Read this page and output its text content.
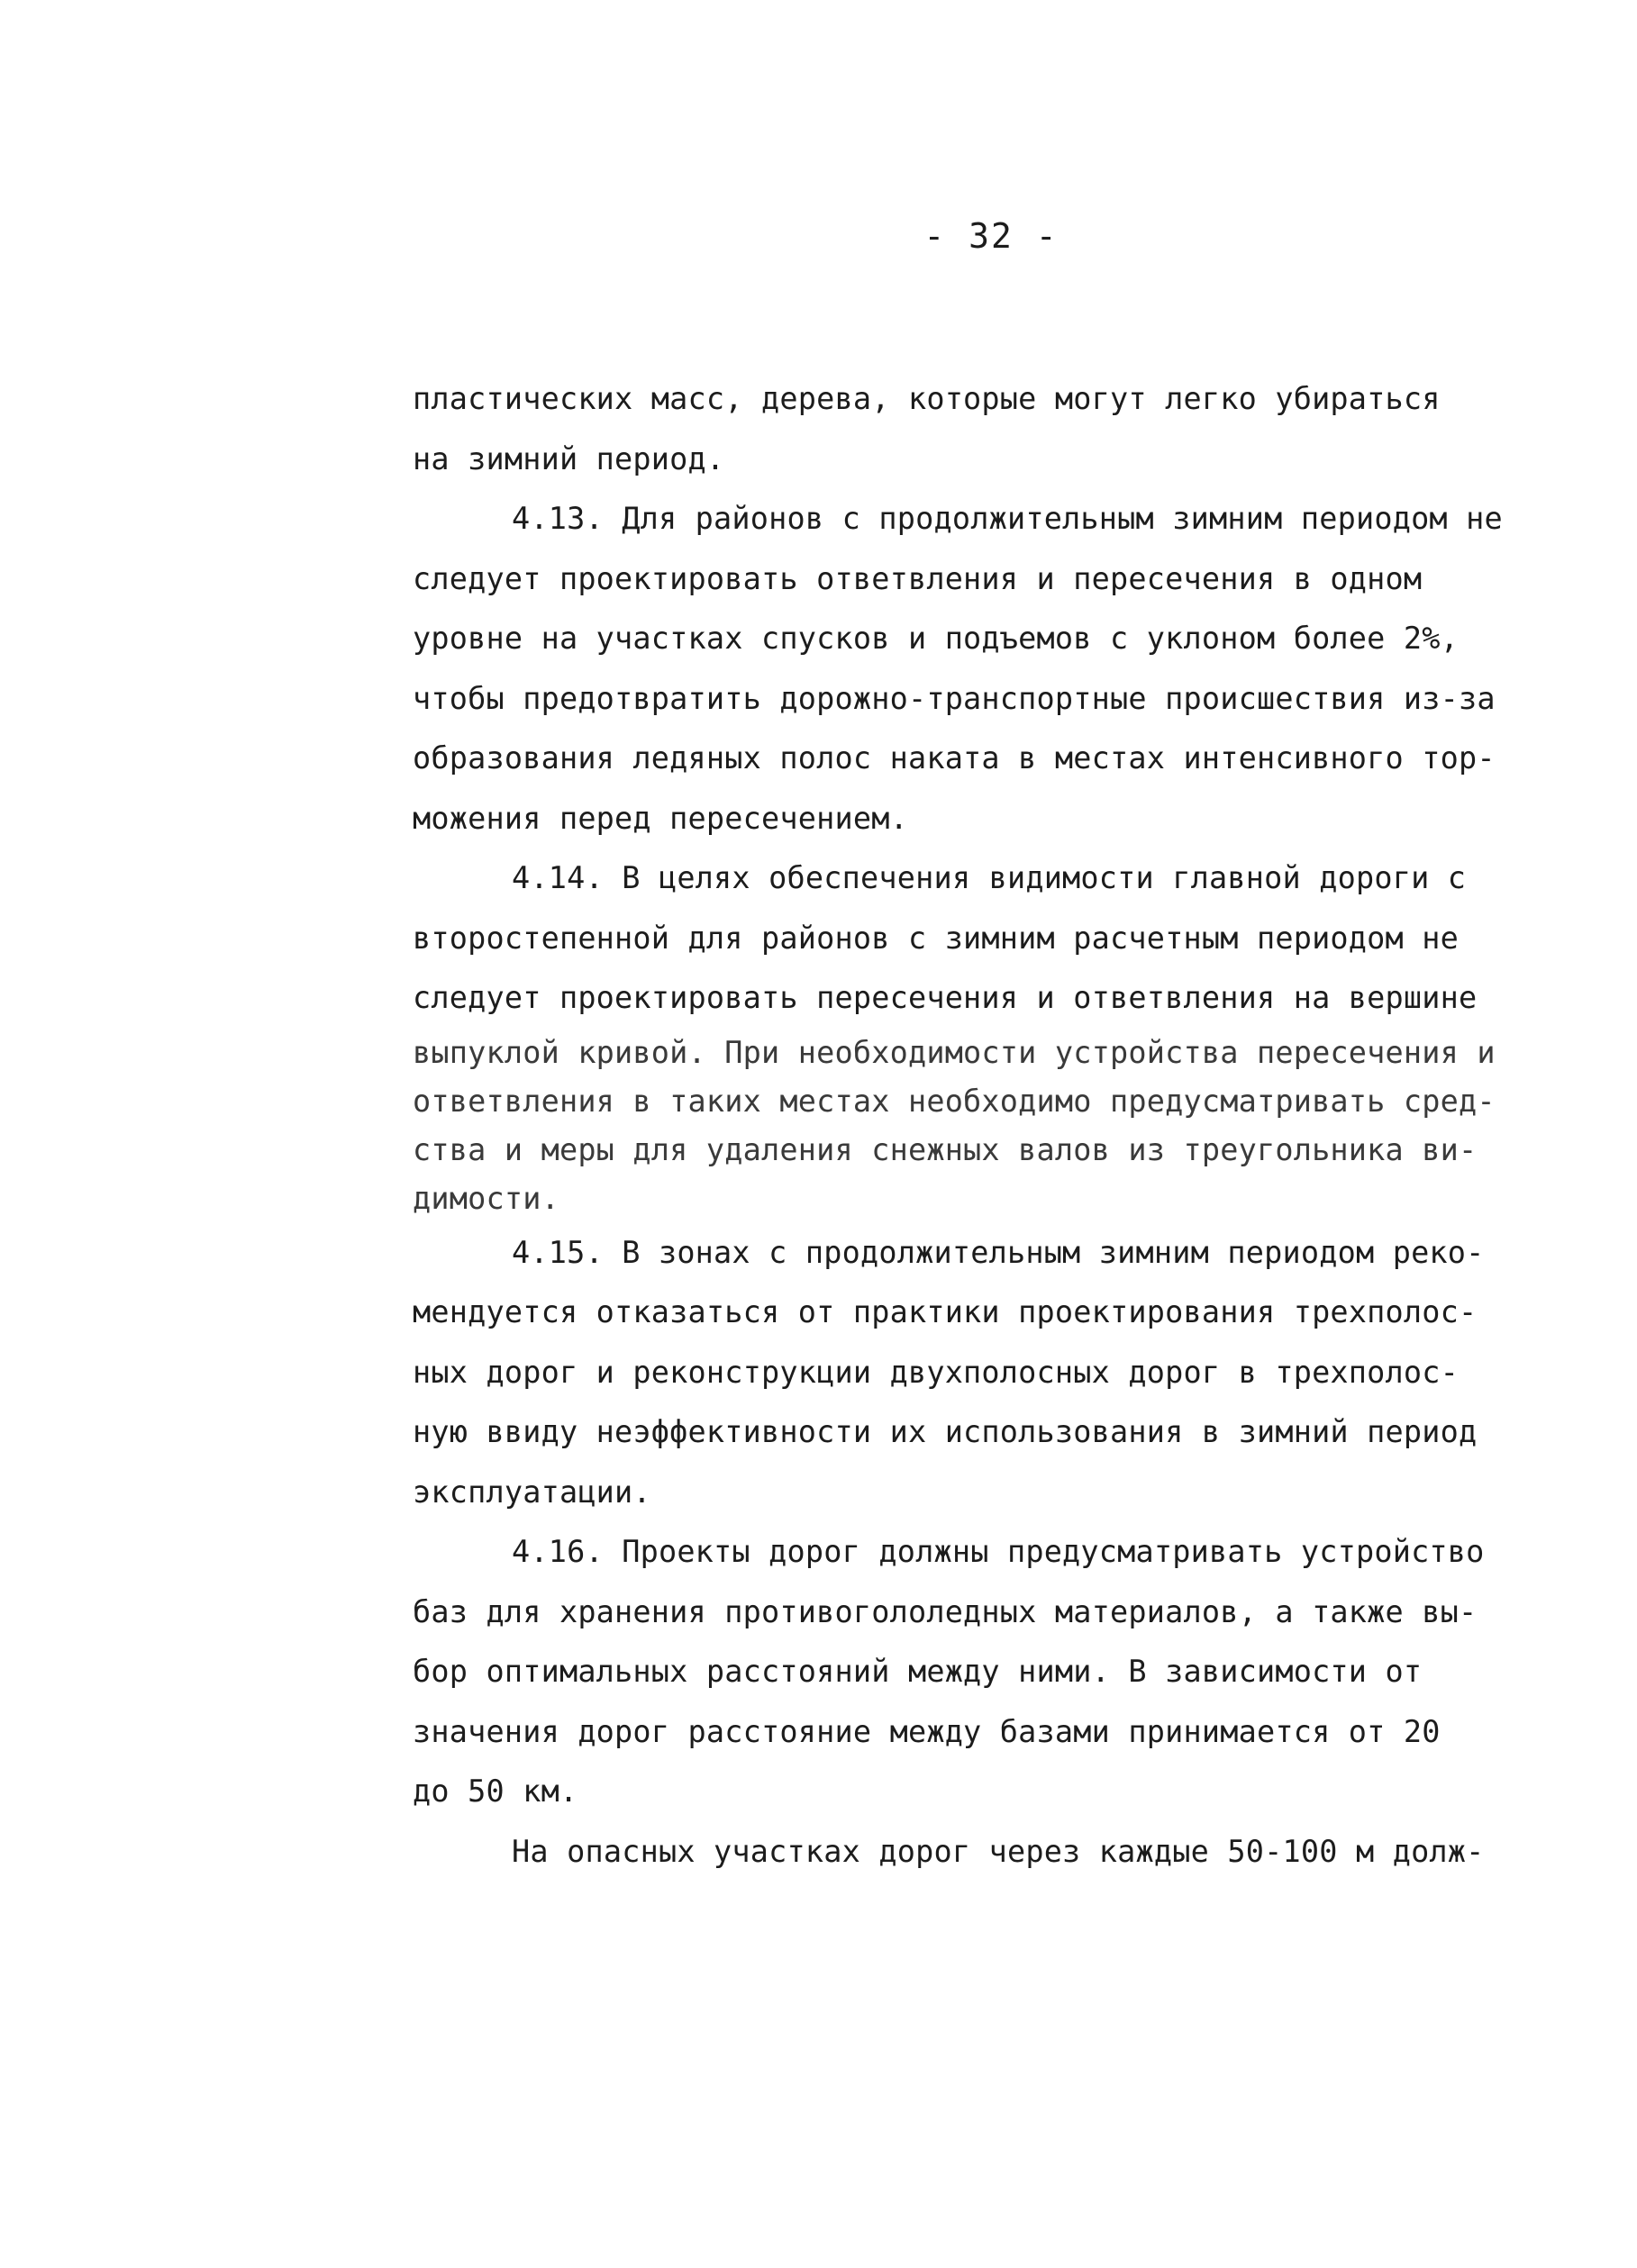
- 32 -
пластических масс, дерева, которые могут легко убираться
на зимний период.
4.13. Для районов с продолжительным зимним периодом не
следует проектировать ответвления и пересечения в одном
уровне на участках спусков и подъемов с уклоном более 2%,
чтобы предотвратить дорожно-транспортные происшествия из-за
образования ледяных полос наката в местах интенсивного тор-
можения перед пересечением.
4.14. В целях обеспечения видимости главной дороги с
второстепенной для районов с зимним расчетным периодом не
следует проектировать пересечения и ответвления на вершине
выпуклой кривой. При необходимости устройства пересечения и
ответвления в таких местах необходимо предусматривать сред-
ства и меры для удаления снежных валов из треугольника ви-
димости.
4.15. В зонах с продолжительным зимним периодом реко-
мендуется отказаться от практики проектирования трехполос-
ных дорог и реконструкции двухполосных дорог в трехполос-
ную ввиду неэффективности их использования в зимний период
эксплуатации.
4.16. Проекты дорог должны предусматривать устройство
баз для хранения противогололедных материалов, а также вы-
бор оптимальных расстояний между ними. В зависимости от
значения дорог расстояние между базами принимается от 20
до 50 км.
На опасных участках дорог через каждые 50-100 м долж-
